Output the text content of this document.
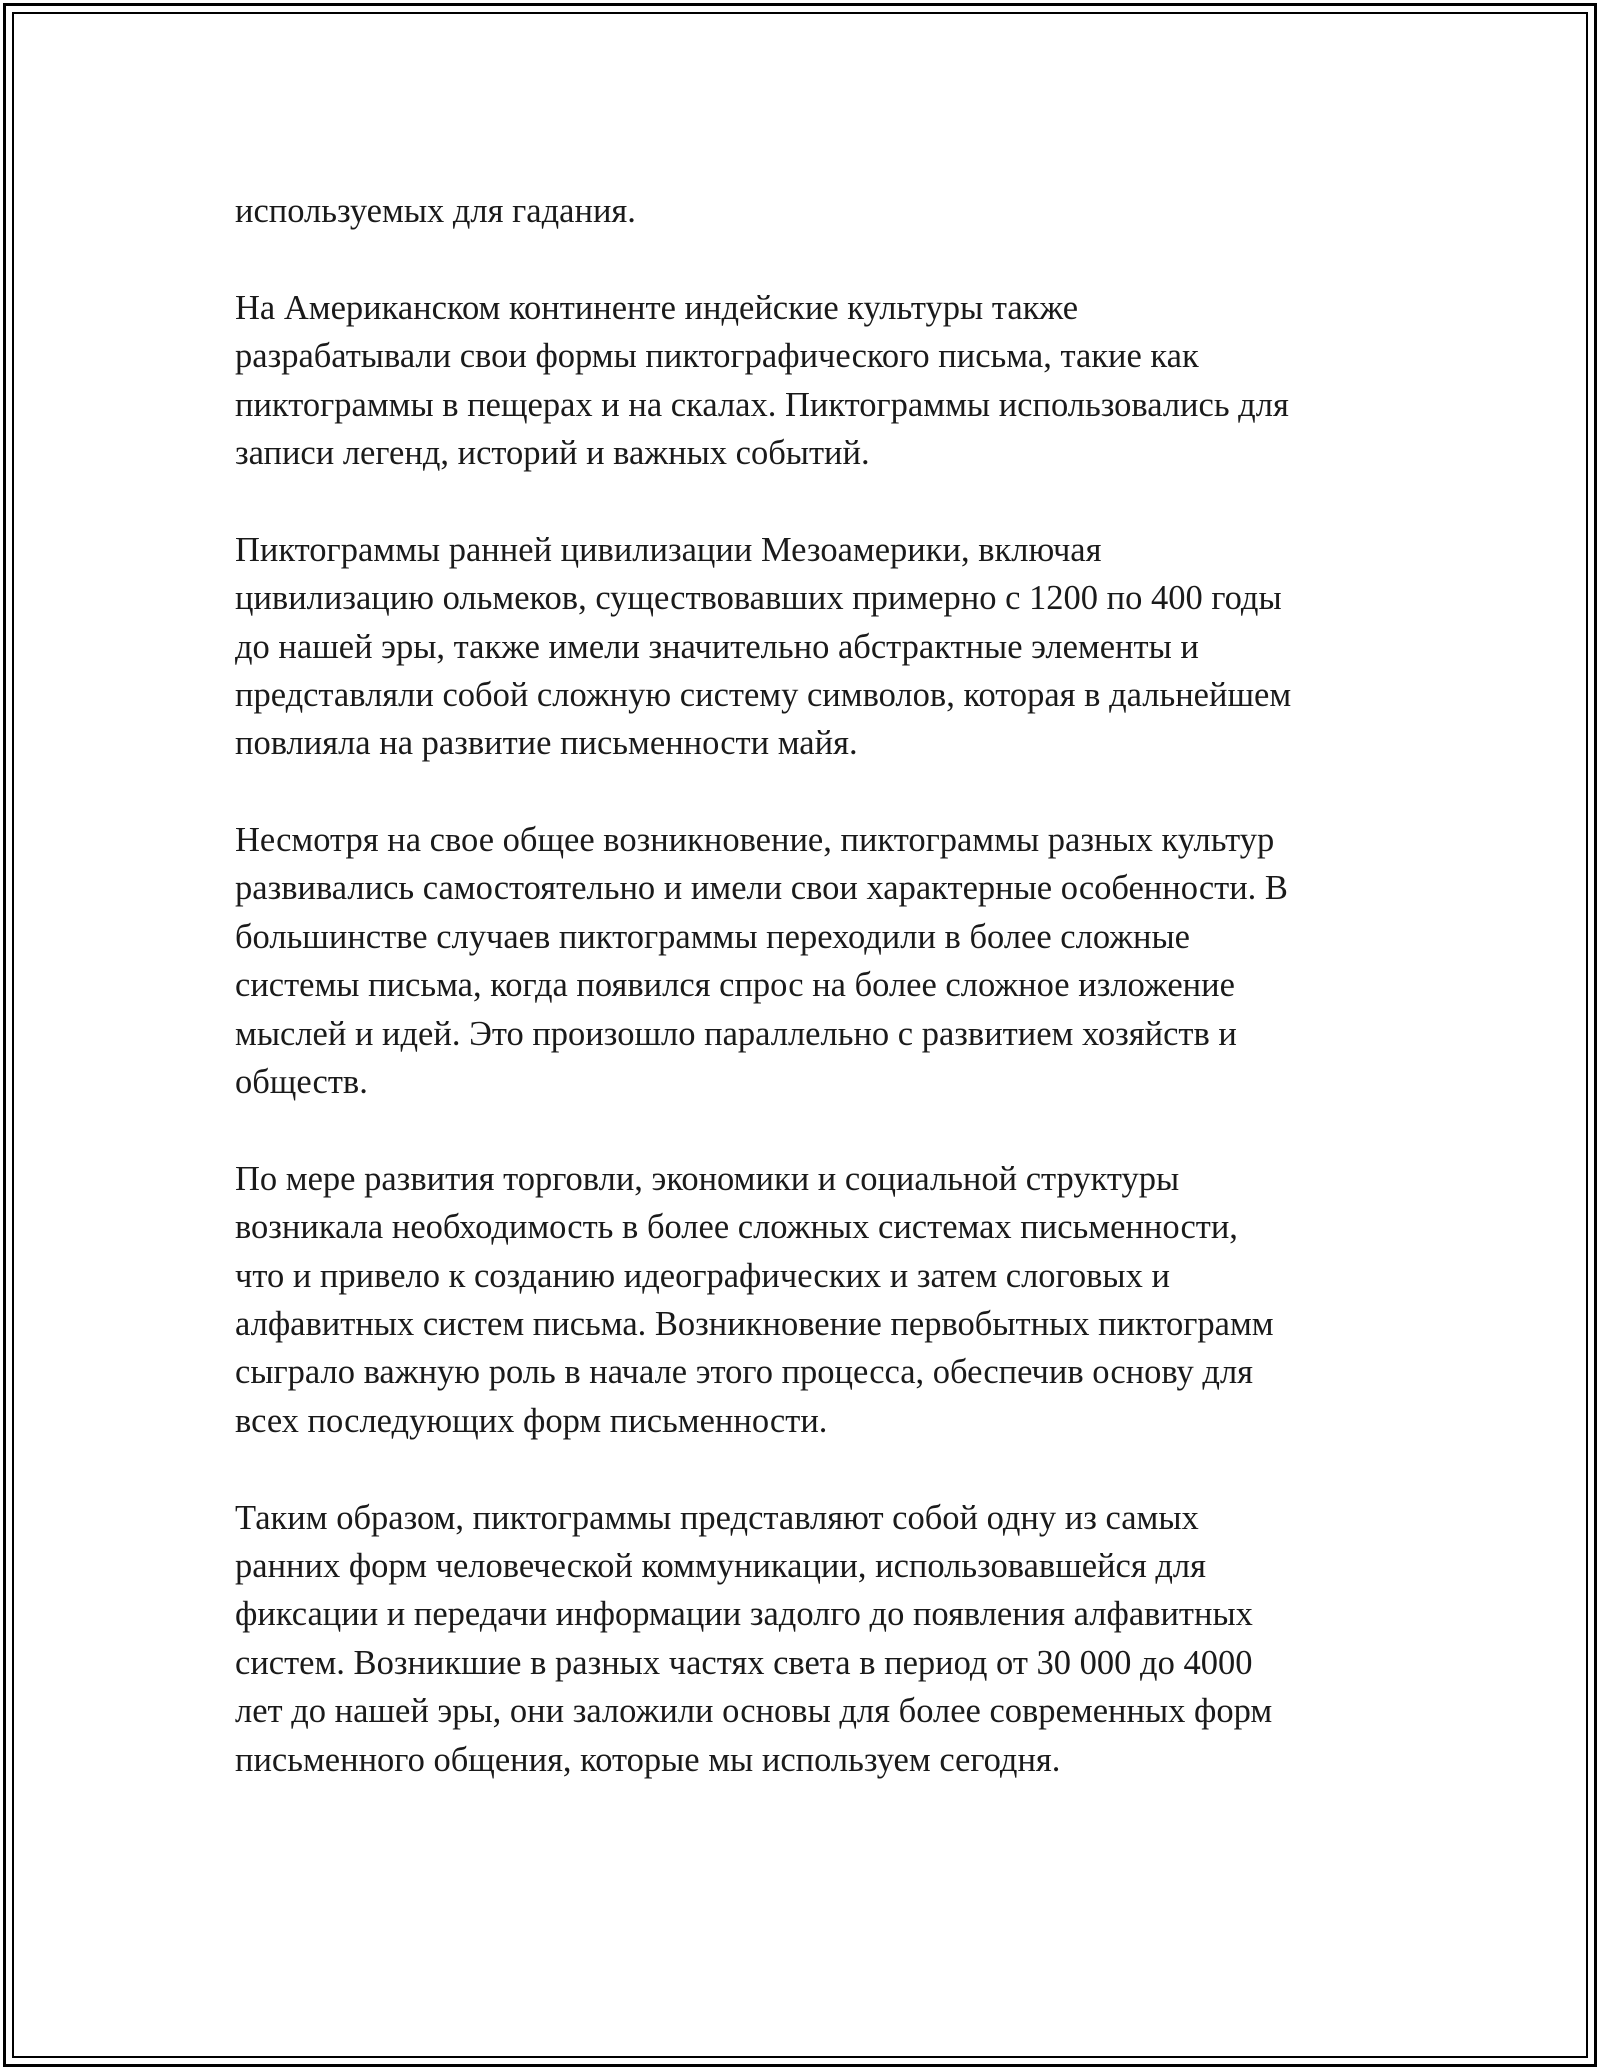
используемых для гадания.
На Американском континенте индейские культуры также
разрабатывали свои формы пиктографического письма, такие как
пиктограммы в пещерах и на скалах. Пиктограммы использовались для
записи легенд, историй и важных событий.
Пиктограммы ранней цивилизации Мезоамерики, включая
цивилизацию ольмеков, существовавших примерно с 1200 по 400 годы
до нашей эры, также имели значительно абстрактные элементы и
представляли собой сложную систему символов, которая в дальнейшем
повлияла на развитие письменности майя.
Несмотря на свое общее возникновение, пиктограммы разных культур
развивались самостоятельно и имели свои характерные особенности. В
большинстве случаев пиктограммы переходили в более сложные
системы письма, когда появился спрос на более сложное изложение
мыслей и идей. Это произошло параллельно с развитием хозяйств и
обществ.
По мере развития торговли, экономики и социальной структуры
возникала необходимость в более сложных системах письменности,
что и привело к созданию идеографических и затем слоговых и
алфавитных систем письма. Возникновение первобытных пиктограмм
сыграло важную роль в начале этого процесса, обеспечив основу для
всех последующих форм письменности.
Таким образом, пиктограммы представляют собой одну из самых
ранних форм человеческой коммуникации, использовавшейся для
фиксации и передачи информации задолго до появления алфавитных
систем. Возникшие в разных частях света в период от 30 000 до 4000
лет до нашей эры, они заложили основы для более современных форм
письменного общения, которые мы используем сегодня.
